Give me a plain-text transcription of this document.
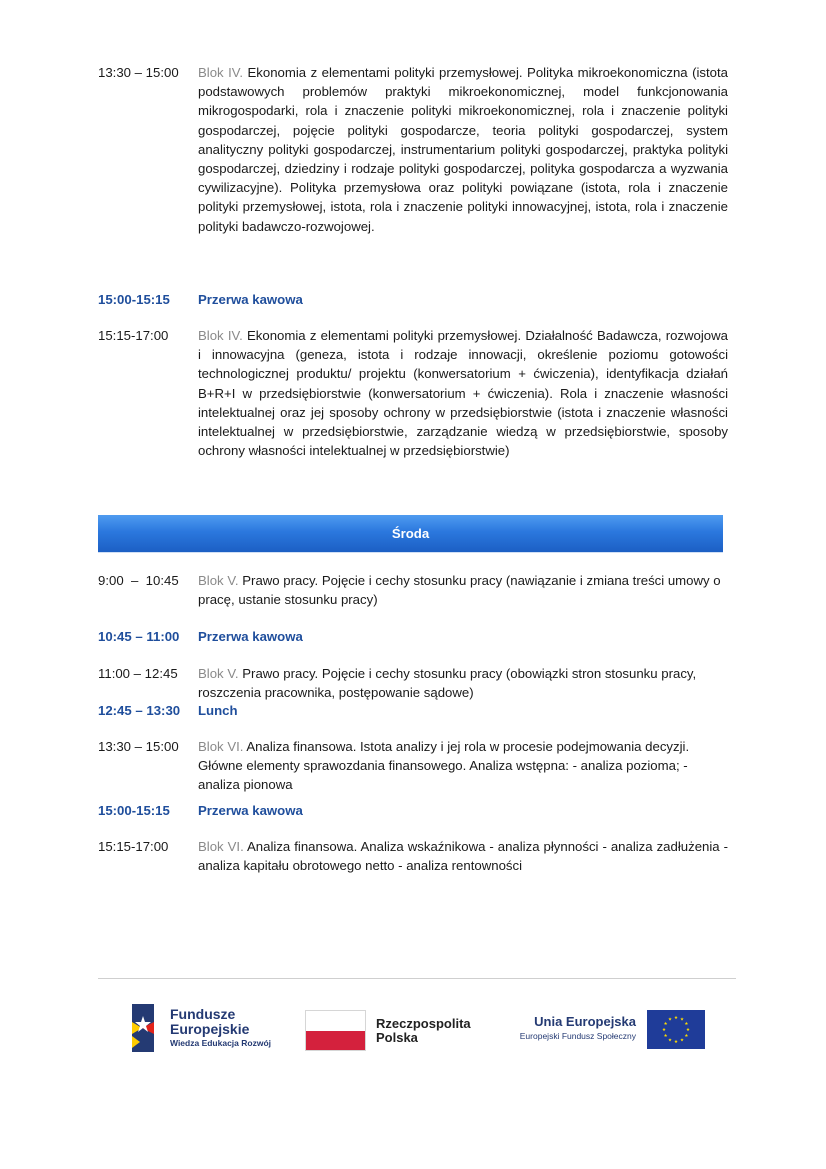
13:30 – 15:00	Blok IV. Ekonomia z elementami polityki przemysłowej. Polityka mikroekonomiczna (istota podstawowych problemów praktyki mikroekonomicznej, model funkcjonowania mikrogospodarki, rola i znaczenie polityki mikroekonomicznej, rola i znaczenie polityki gospodarczej, pojęcie polityki gospodarcze, teoria polityki gospodarczej, system analityczny polityki gospodarczej, instrumentarium polityki gospodarczej, praktyka polityki gospodarczej, dziedziny i rodzaje polityki gospodarczej, polityka gospodarcza a wyzwania cywilizacyjne). Polityka przemysłowa oraz polityki powiązane (istota, rola i znaczenie polityki przemysłowej, istota, rola i znaczenie polityki innowacyjnej, istota, rola i znaczenie polityki badawczo-rozwojowej.
15:00-15:15	Przerwa kawowa
15:15-17:00	Blok IV. Ekonomia z elementami polityki przemysłowej. Działalność Badawcza, rozwojowa i innowacyjna (geneza, istota i rodzaje innowacji, określenie poziomu gotowości technologicznej produktu/ projektu (konwersatorium + ćwiczenia), identyfikacja działań B+R+I w przedsiębiorstwie (konwersatorium + ćwiczenia). Rola i znaczenie własności intelektualnej oraz jej sposoby ochrony w przedsiębiorstwie (istota i znaczenie własności intelektualnej w przedsiębiorstwie, zarządzanie wiedzą w przedsiębiorstwie, sposoby ochrony własności intelektualnej w przedsiębiorstwie)
Środa
9:00  –  10:45	Blok V. Prawo pracy. Pojęcie i cechy stosunku pracy (nawiązanie i zmiana treści umowy o pracę, ustanie stosunku pracy)
10:45 – 11:00	Przerwa kawowa
11:00 – 12:45	Blok V. Prawo pracy. Pojęcie i cechy stosunku pracy (obowiązki stron stosunku pracy, roszczenia pracownika, postępowanie sądowe)
12:45 – 13:30	Lunch
13:30 – 15:00	Blok VI. Analiza finansowa. Istota analizy i jej rola w procesie podejmowania decyzji. Główne elementy sprawozdania finansowego. Analiza wstępna: - analiza pozioma; - analiza pionowa
15:00-15:15	Przerwa kawowa
15:15-17:00	Blok VI. Analiza finansowa. Analiza wskaźnikowa - analiza płynności - analiza zadłużenia - analiza kapitału obrotowego netto - analiza rentowności
Fundusze
Europejskie
Wiedza Edukacja Rozwój
Rzeczpospolita
Polska
Unia Europejska
Europejski Fundusz Społeczny
